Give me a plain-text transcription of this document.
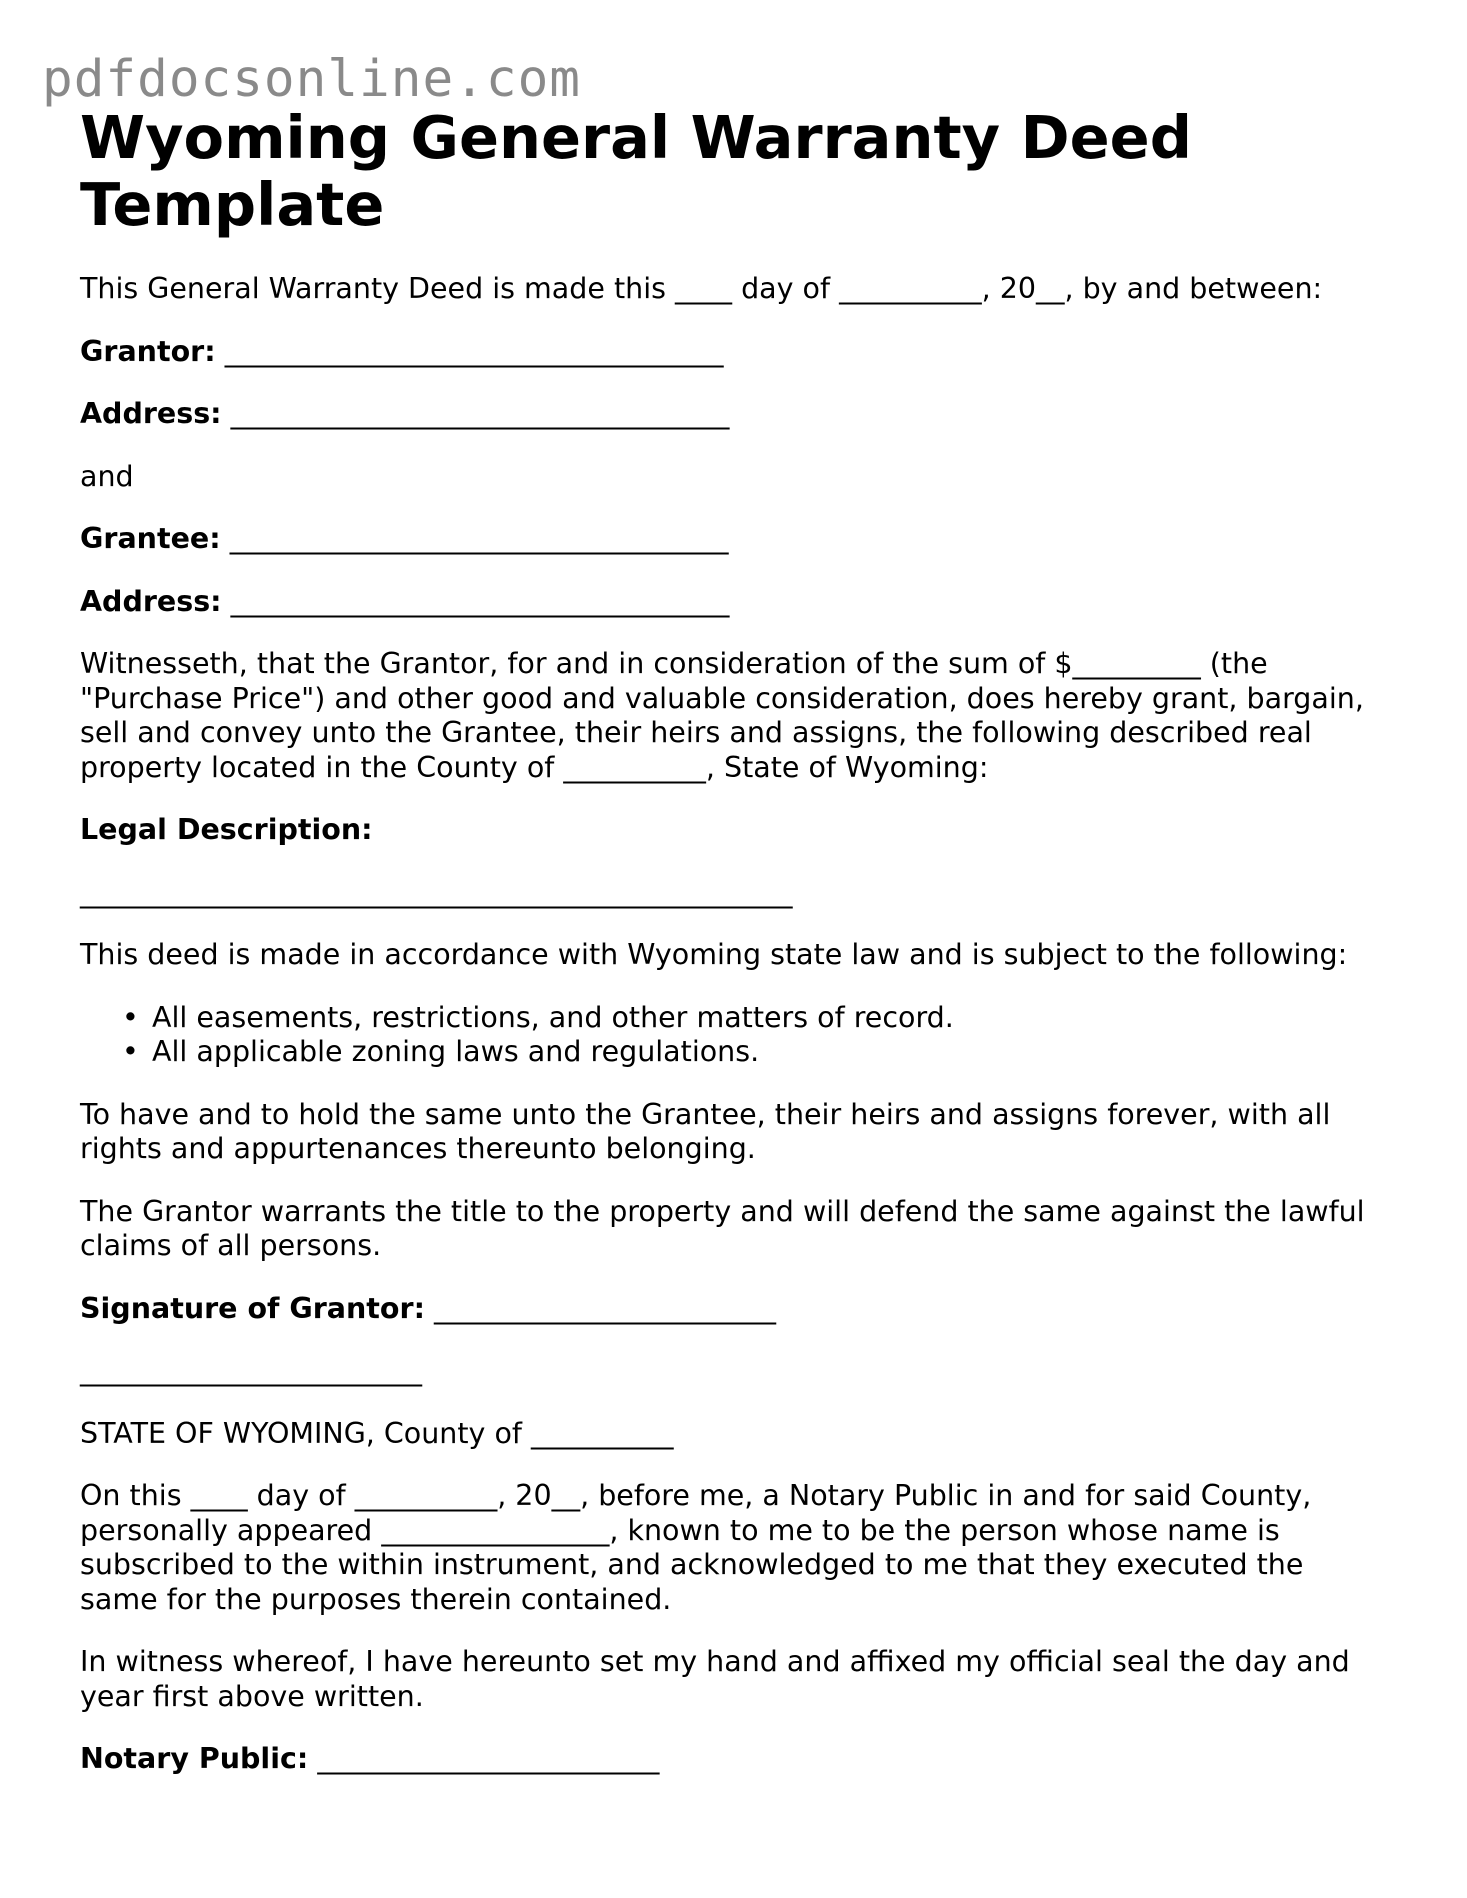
pdfdocsonline.com
Wyoming General Warranty Deed Template

This General Warranty Deed is made this ____ day of __________, 20__, by and between:

Grantor: ___________________________________

Address: ___________________________________

and

Grantee: ___________________________________

Address: ___________________________________

Witnesseth, that the Grantor, for and in consideration of the sum of $_________ (the
"Purchase Price") and other good and valuable consideration, does hereby grant, bargain,
sell and convey unto the Grantee, their heirs and assigns, the following described real
property located in the County of __________, State of Wyoming:

Legal Description:

__________________________________________________

This deed is made in accordance with Wyoming state law and is subject to the following:

• All easements, restrictions, and other matters of record.
• All applicable zoning laws and regulations.

To have and to hold the same unto the Grantee, their heirs and assigns forever, with all
rights and appurtenances thereunto belonging.

The Grantor warrants the title to the property and will defend the same against the lawful
claims of all persons.

Signature of Grantor: ________________________

________________________

STATE OF WYOMING, County of __________

On this ____ day of __________, 20__, before me, a Notary Public in and for said County,
personally appeared ________________, known to me to be the person whose name is
subscribed to the within instrument, and acknowledged to me that they executed the
same for the purposes therein contained.

In witness whereof, I have hereunto set my hand and affixed my official seal the day and
year first above written.

Notary Public: ________________________
